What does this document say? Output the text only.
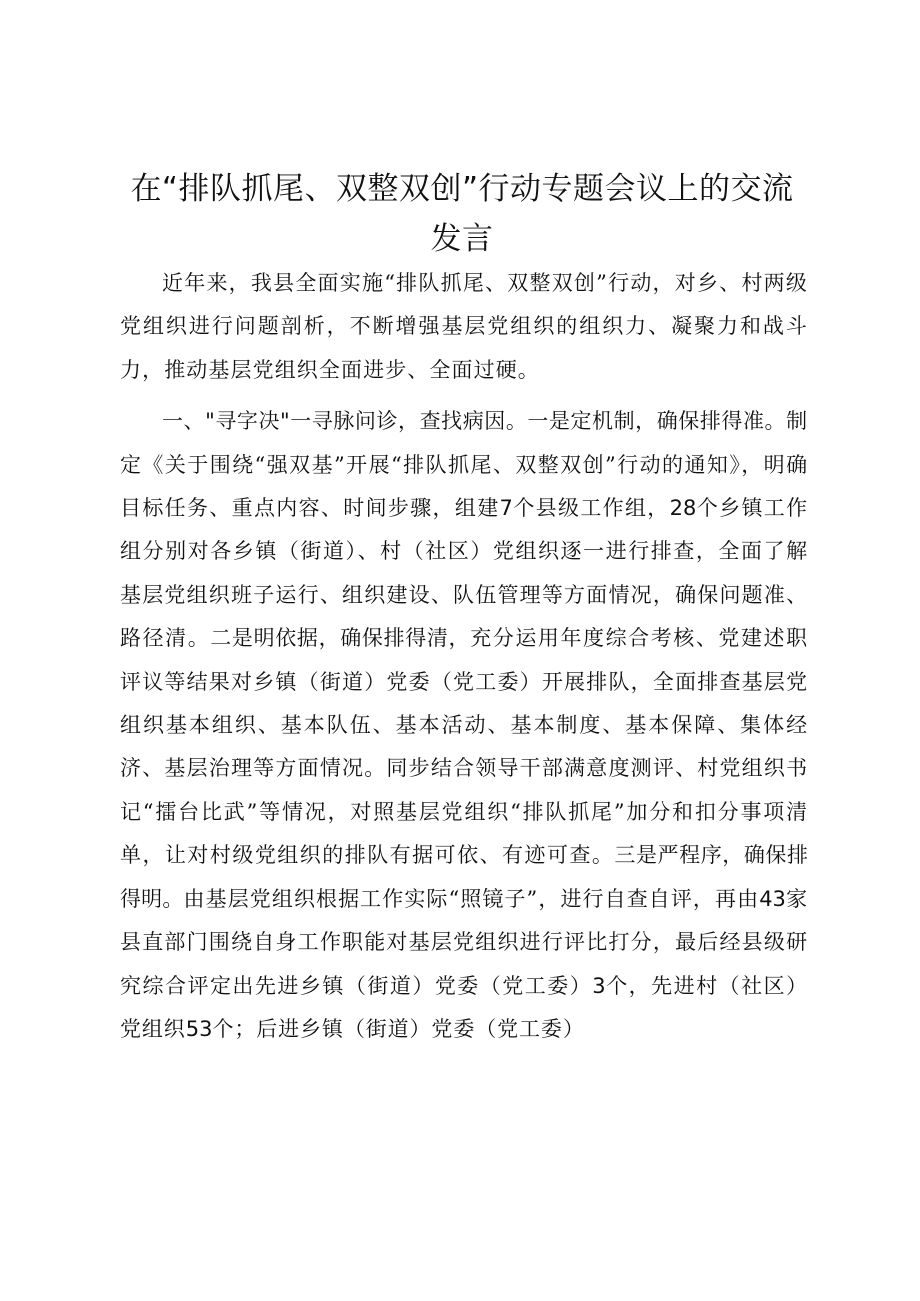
在“排队抓尾、双整双创”行动专题会议上的交流发言

近年来，我县全面实施“排队抓尾、双整双创”行动，对乡、村两级党组织进行问题剖析，不断增强基层党组织的组织力、凝聚力和战斗力，推动基层党组织全面进步、全面过硬。

一、"寻字决"一寻脉问诊，查找病因。一是定机制，确保排得准。制定《关于围绕“强双基”开展“排队抓尾、双整双创”行动的通知》，明确目标任务、重点内容、时间步骤，组建7个县级工作组，28个乡镇工作组分别对各乡镇（街道）、村（社区）党组织逐一进行排查，全面了解基层党组织班子运行、组织建设、队伍管理等方面情况，确保问题准、路径清。二是明依据，确保排得清，充分运用年度综合考核、党建述职评议等结果对乡镇（街道）党委（党工委）开展排队，全面排查基层党组织基本组织、基本队伍、基本活动、基本制度、基本保障、集体经济、基层治理等方面情况。同步结合领导干部满意度测评、村党组织书记“擂台比武”等情况，对照基层党组织“排队抓尾”加分和扣分事项清单，让对村级党组织的排队有据可依、有迹可查。三是严程序，确保排得明。由基层党组织根据工作实际“照镜子”，进行自查自评，再由43家县直部门围绕自身工作职能对基层党组织进行评比打分，最后经县级研究综合评定出先进乡镇（街道）党委（党工委）3个，先进村（社区）党组织53个；后进乡镇（街道）党委（党工委）
